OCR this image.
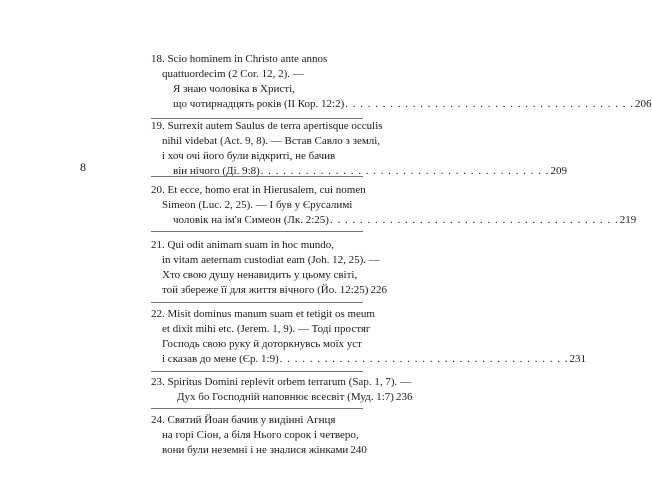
8
18. Scio hominem in Christo ante annos
quattuordecim (2 Cor. 12, 2). —
Я знаю чоловіка в Христі,
що чотирнадцять років (ІІ Кор. 12:2) . . . . . . . . . . . . . . . . . . . . . . . . . . . . . . . . . . . . . . . 206
19. Surrexit autem Saulus de terra apertisque occulis
nihil videbat (Act. 9, 8). — Встав Савло з землі,
і хоч очі його були відкриті, не бачив
він нічого (Ді. 9:8) . . . . . . . . . . . . . . . . . . . . . . . . . . . . . . . . . . . . . . . 209
20. Et ecce, homo erat in Hierusalem, cui nomen
Simeon (Luc. 2, 25). — І був у Єрусалимі
чоловік на ім'я Симеон (Лк. 2:25) . . . . . . . . . . . . . . . . . . . . . . . . . . . . . . . . . . . . . . . 219
21. Qui odit animam suam in hoc mundo,
in vitam aeternam custodiat eam (Joh. 12, 25). —
Хто свою душу ненавидить у цьому світі,
той збереже її для життя вічного (Йо. 12:25) 226
22. Misit dominus manum suam et tetigit os meum
et dixit mihi etc. (Jerem. 1, 9). — Тоді простяг
Господь свою руку й доторкнувсь моїх уст
і сказав до мене (Єр. 1:9) . . . . . . . . . . . . . . . . . . . . . . . . . . . . . . . . . . . . . . . 231
23. Spiritus Domini replevit orbem terrarum (Sap. 1, 7). —
Дух бо Господній наповнює всесвіт (Муд. 1:7) 236
24. Святий Йоан бачив у видінні Агнця
на горі Сіон, а біля Нього сорок і четверо,
вони були неземні і не зналися жінками 240
